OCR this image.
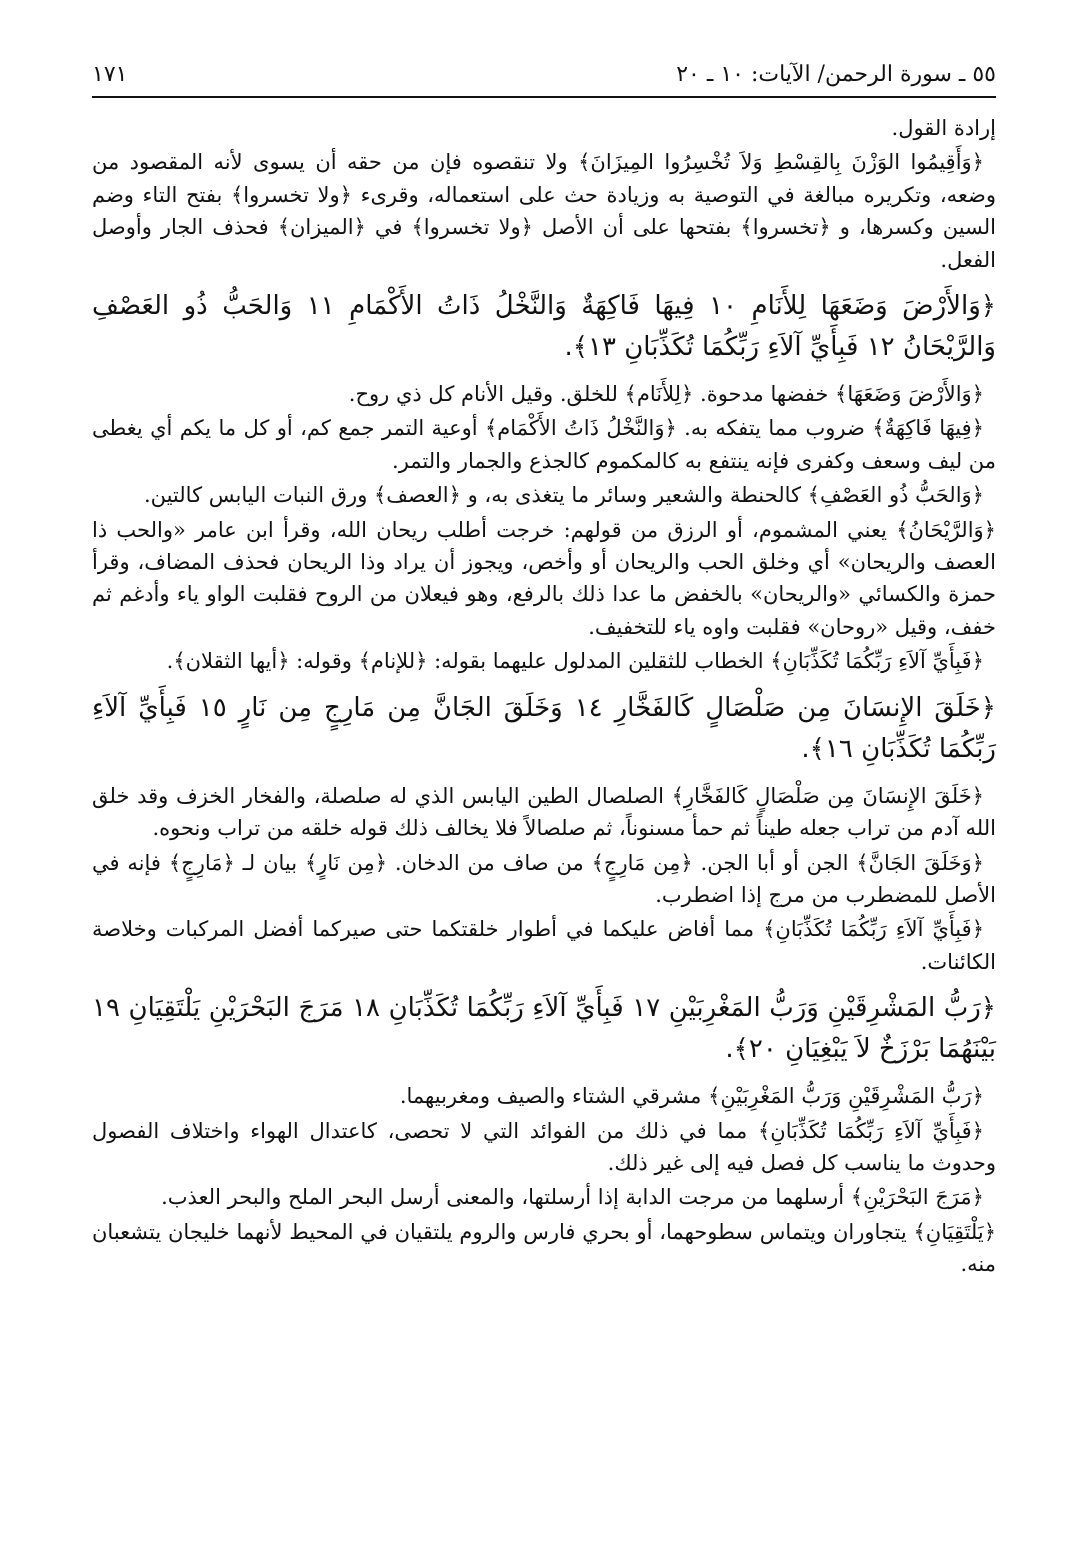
٥٥ ـ سورة الرحمن/ الآيات: ١٠ ـ ٢٠
١٧١

إرادة القول.

﴿وَأَقِيمُوا الوَزْنَ بِالقِسْطِ وَلاَ تُخْسِرُوا المِيزَانَ﴾ ولا تنقصوه فإن من حقه أن يسوى لأنه المقصود من وضعه، وتكريره مبالغة في التوصية به وزيادة حث على استعماله، وقرىء ﴿ولا تخسروا﴾ بفتح التاء وضم السين وكسرها، و ﴿تخسروا﴾ بفتحها على أن الأصل ﴿ولا تخسروا﴾ في ﴿الميزان﴾ فحذف الجار وأوصل الفعل.

﴿وَالأَرْضَ وَضَعَهَا لِلأَنَامِ ١٠ فِيهَا فَاكِهَةٌ وَالنَّخْلُ ذَاتُ الأَكْمَامِ ١١ وَالحَبُّ ذُو العَصْفِ وَالرَّيْحَانُ ١٢ فَبِأَيِّ آلاَءِ رَبِّكُمَا تُكَذِّبَانِ ١٣﴾.

﴿وَالأَرْضَ وَضَعَهَا﴾ خفضها مدحوة. ﴿لِلأَنَام﴾ للخلق. وقيل الأنام كل ذي روح.

﴿فِيهَا فَاكِهَةٌ﴾ ضروب مما يتفكه به. ﴿وَالنَّخْلُ ذَاتُ الأَكْمَام﴾ أوعية التمر جمع كم، أو كل ما يكم أي يغطى من ليف وسعف وكفرى فإنه ينتفع به كالمكموم كالجذع والجمار والتمر.

﴿وَالحَبُّ ذُو العَصْفِ﴾ كالحنطة والشعير وسائر ما يتغذى به، و ﴿العصف﴾ ورق النبات اليابس كالتين.

﴿وَالرَّيْحَانُ﴾ يعني المشموم، أو الرزق من قولهم: خرجت أطلب ريحان الله، وقرأ ابن عامر «والحب ذا العصف والريحان» أي وخلق الحب والريحان أو وأخص، ويجوز أن يراد وذا الريحان فحذف المضاف، وقرأ حمزة والكسائي «والريحان» بالخفض ما عدا ذلك بالرفع، وهو فيعلان من الروح فقلبت الواو ياء وأدغم ثم خفف، وقيل «روحان» فقلبت واوه ياء للتخفيف.

﴿فَبِأَيِّ آلاَءِ رَبِّكُمَا تُكَذِّبَانِ﴾ الخطاب للثقلين المدلول عليهما بقوله: ﴿للإنام﴾ وقوله: ﴿أيها الثقلان﴾.

﴿خَلَقَ الإِنسَانَ مِن صَلْصَالٍ كَالفَخَّارِ ١٤ وَخَلَقَ الجَانَّ مِن مَارِجٍ مِن نَارٍ ١٥ فَبِأَيِّ آلاَءِ رَبِّكُمَا تُكَذِّبَانِ ١٦﴾.

﴿خَلَقَ الإِنسَانَ مِن صَلْصَالٍ كَالفَخَّارِ﴾ الصلصال الطين اليابس الذي له صلصلة، والفخار الخزف وقد خلق الله آدم من تراب جعله طيناً ثم حمأ مسنوناً، ثم صلصالاً فلا يخالف ذلك قوله خلقه من تراب ونحوه.

﴿وَخَلَقَ الجَانَّ﴾ الجن أو أبا الجن. ﴿مِن مَارِجٍ﴾ من صاف من الدخان. ﴿مِن نَارٍ﴾ بيان لـ ﴿مَارِجٍ﴾ فإنه في الأصل للمضطرب من مرج إذا اضطرب.

﴿فَبِأَيِّ آلاَءِ رَبِّكُمَا تُكَذِّبَانِ﴾ مما أفاض عليكما في أطوار خلقتكما حتى صيركما أفضل المركبات وخلاصة الكائنات.

﴿رَبُّ المَشْرِقَيْنِ وَرَبُّ المَغْرِبَيْنِ ١٧ فَبِأَيِّ آلاَءِ رَبِّكُمَا تُكَذِّبَانِ ١٨ مَرَجَ البَحْرَيْنِ يَلْتَقِيَانِ ١٩ بَيْنَهُمَا بَرْزَخٌ لاَ يَبْغِيَانِ ٢٠﴾.

﴿رَبُّ المَشْرِقَيْنِ وَرَبُّ المَغْرِبَيْنِ﴾ مشرقي الشتاء والصيف ومغربيهما.

﴿فَبِأَيِّ آلاَءِ رَبِّكُمَا تُكَذِّبَانِ﴾ مما في ذلك من الفوائد التي لا تحصى، كاعتدال الهواء واختلاف الفصول وحدوث ما يناسب كل فصل فيه إلى غير ذلك.

﴿مَرَجَ البَحْرَيْنِ﴾ أرسلهما من مرجت الدابة إذا أرسلتها، والمعنى أرسل البحر الملح والبحر العذب.

﴿يَلْتَقِيَانِ﴾ يتجاوران ويتماس سطوحهما، أو بحري فارس والروم يلتقيان في المحيط لأنهما خليجان يتشعبان منه.
